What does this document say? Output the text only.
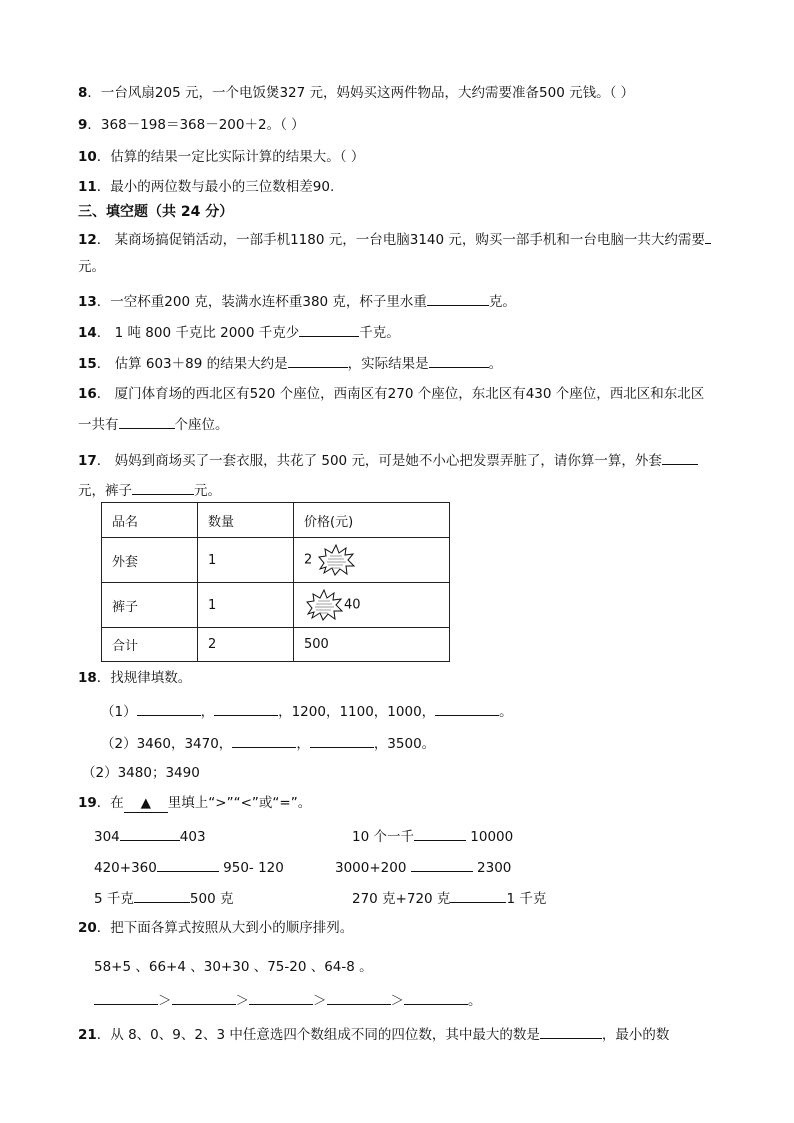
8．一台风扇205 元，一个电饭煲327 元，妈妈买这两件物品，大约需要准备500 元钱。（ ）
9．368－198＝368－200＋2。（ ）
10．估算的结果一定比实际计算的结果大。（ ）
11．最小的两位数与最小的三位数相差90.
三、填空题（共 24 分）
12． 某商场搞促销活动，一部手机1180 元，一台电脑3140 元，购买一部手机和一台电脑一共大约需要
元。
13．一空杯重200 克，装满水连杯重380 克，杯子里水重	克。
14． 1 吨 800 千克比 2000 千克少	千克。
15． 估算 603＋89 的结果大约是	，实际结果是	。
16． 厦门体育场的西北区有520 个座位，西南区有270 个座位，东北区有430 个座位，西北区和东北区
一共有	个座位。
17． 妈妈到商场买了一套衣服，共花了 500 元，可是她不小心把发票弄脏了，请你算一算，外套
元，裤子	元。
品名	数量	价格(元)
外套	1	2
裤子	1	40
合计	2	500
18．找规律填数。
（1）	，	，1200，1100，1000，	。
（2）3460，3470，	，	，3500。
（2）3480；3490
19．在 ▲ 里填上“>”“<”或“=”。
304	403	10 个一千	10000
420+360	950- 120	3000+200	2300
5 千克	500 克	270 克+720 克	1 千克
20．把下面各算式按照从大到小的顺序排列。
58+5 、66+4 、30+30 、75-20 、64-8 。
＞	＞	＞	＞	。
21．从 8、0、9、2、3 中任意选四个数组成不同的四位数，其中最大的数是	，最小的数
